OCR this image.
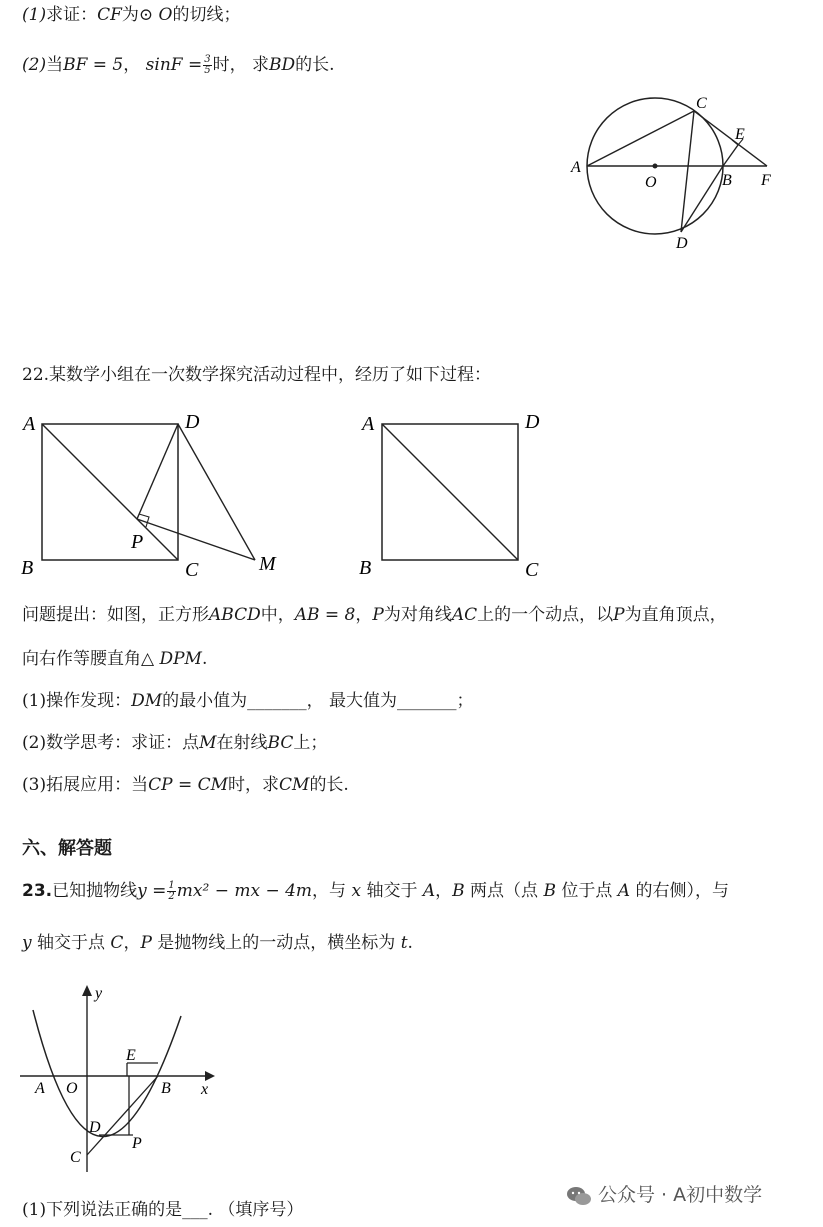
(1)求证：CF为⊙ O的切线；
(2)当BF = 5， $\sin F = \frac{3}{5}$ 时， 求BD的长.
A
O	B F
C
E
D
22.某数学小组在一次数学探究活动过程中，经历了如下过程：
A	D
B	C
P
M
A	D
B	C
问题提出：如图，正方形ABCD中，AB = 8，P为对角线AC上的一个动点，以P为直角顶点，
向右作等腰直角△ DPM.
(1)操作发现：DM的最小值为_______， 最大值为_______；
(2)数学思考：求证：点M在射线BC上；
(3)拓展应用：当CP = CM时，求CM的长.
六、解答题
23.已知抛物线$y = \frac{1}{2} mx^2$ − mx − 4m，与 x 轴交于 A，B 两点（点 B 位于点 A 的右侧），与
y 轴交于点 C，P 是抛物线上的一动点，横坐标为 t.
y
x
A O
E
B
D
P
C
(1)下列说法正确的是___. （填序号）
公众号 · A初中数学
